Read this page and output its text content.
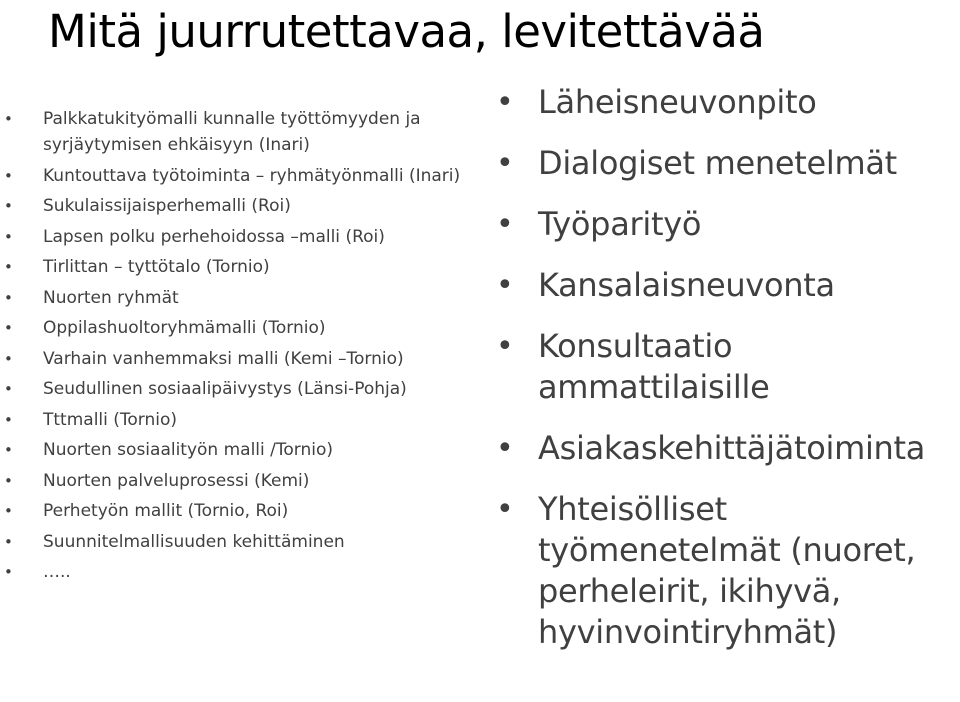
Mitä juurrutettavaa, levitettävää
• Palkkatukityömalli kunnalle työttömyyden ja syrjäytymisen ehkäisyyn (Inari)
• Kuntouttava työtoiminta – ryhmätyönmalli (Inari)
• Sukulaissijaisperhemalli (Roi)
• Lapsen polku perhehoidossa –malli (Roi)
• Tirlittan – tyttötalo (Tornio)
• Nuorten ryhmät
• Oppilashuoltoryhmämalli (Tornio)
• Varhain vanhemmaksi malli (Kemi –Tornio)
• Seudullinen sosiaalipäivystys (Länsi-Pohja)
• Tttmalli (Tornio)
• Nuorten sosiaalityön malli /Tornio)
• Nuorten palveluprosessi (Kemi)
• Perhetyön mallit (Tornio, Roi)
• Suunnitelmallisuuden kehittäminen
• …..
• Läheisneuvonpito
• Dialogiset menetelmät
• Työparityö
• Kansalaisneuvonta
• Konsultaatio
ammattilaisille
• Asiakaskehittäjätoiminta
• Yhteisölliset
työmenetelmät (nuoret,
perheleirit, ikihyvä,
hyvinvointiryhmät)
